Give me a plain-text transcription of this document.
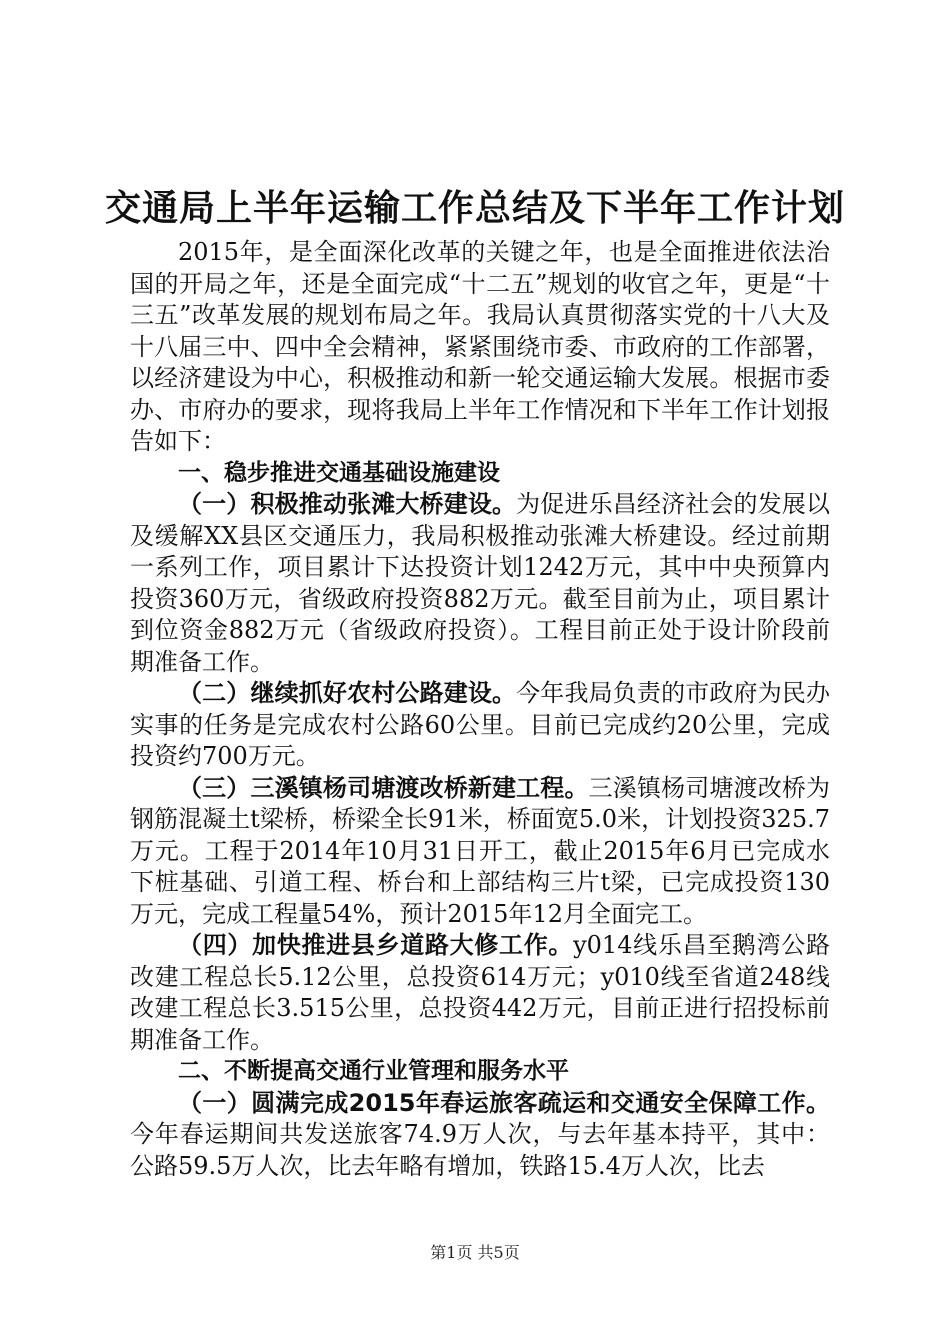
交通局上半年运输工作总结及下半年工作计划

2015年，是全面深化改革的关键之年，也是全面推进依法治国的开局之年，还是全面完成“十二五”规划的收官之年，更是“十三五”改革发展的规划布局之年。我局认真贯彻落实党的十八大及十八届三中、四中全会精神，紧紧围绕市委、市政府的工作部署，以经济建设为中心，积极推动和新一轮交通运输大发展。根据市委办、市府办的要求，现将我局上半年工作情况和下半年工作计划报告如下：

一、稳步推进交通基础设施建设

（一）积极推动张滩大桥建设。为促进乐昌经济社会的发展以及缓解XX县区交通压力，我局积极推动张滩大桥建设。经过前期一系列工作，项目累计下达投资计划1242万元，其中中央预算内投资360万元，省级政府投资882万元。截至目前为止，项目累计到位资金882万元（省级政府投资）。工程目前正处于设计阶段前期准备工作。

（二）继续抓好农村公路建设。今年我局负责的市政府为民办实事的任务是完成农村公路60公里。目前已完成约20公里，完成投资约700万元。

（三）三溪镇杨司塘渡改桥新建工程。三溪镇杨司塘渡改桥为钢筋混凝土t梁桥，桥梁全长91米，桥面宽5.0米，计划投资325.7万元。工程于2014年10月31日开工，截止2015年6月已完成水下桩基础、引道工程、桥台和上部结构三片t梁，已完成投资130万元，完成工程量54%，预计2015年12月全面完工。

（四）加快推进县乡道路大修工作。y014线乐昌至鹅湾公路改建工程总长5.12公里，总投资614万元；y010线至省道248线改建工程总长3.515公里，总投资442万元，目前正进行招投标前期准备工作。

二、不断提高交通行业管理和服务水平

（一）圆满完成2015年春运旅客疏运和交通安全保障工作。今年春运期间共发送旅客74.9万人次，与去年基本持平，其中：公路59.5万人次，比去年略有增加，铁路15.4万人次，比去

第1页 共5页
